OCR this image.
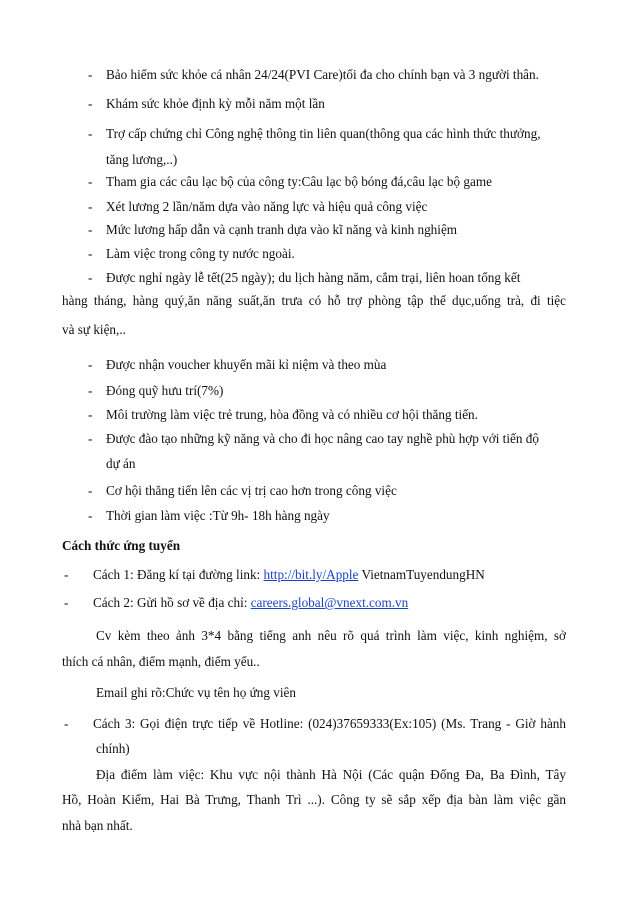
- Bảo hiểm sức khỏe cá nhân 24/24(PVI Care)tối đa cho chính bạn và 3 người thân.
- Khám sức khỏe định kỳ mỗi năm một lần
- Trợ cấp chứng chỉ Công nghệ thông tin liên quan(thông qua các hình thức thưởng,
tăng lương,..)
- Tham gia các câu lạc bộ của công ty:Câu lạc bộ bóng đá,câu lạc bộ game
- Xét lương 2 lần/năm dựa vào năng lực và hiệu quả công việc
- Mức lương hấp dẫn và cạnh tranh dựa vào kĩ năng và kinh nghiệm
- Làm việc trong công ty nước ngoài.
- Được nghỉ ngày lễ tết(25 ngày); du lịch hàng năm, cắm trại, liên hoan tổng kết
hàng tháng, hàng quý,ăn năng suất,ăn trưa có hỗ trợ phòng tập thể dục,uống trà, đi tiệc
và sự kiện,..
- Được nhận voucher khuyến mãi kỉ niệm và theo mùa
- Đóng quỹ hưu trí(7%)
- Môi trường làm việc trẻ trung, hòa đồng và có nhiều cơ hội thăng tiến.
- Được đào tạo những kỹ năng và cho đi học nâng cao tay nghề phù hợp với tiến độ
dự án
- Cơ hội thăng tiến lên các vị trị cao hơn trong công việc
- Thời gian làm việc :Từ 9h- 18h hàng ngày
Cách thức ứng tuyển
- Cách 1: Đăng kí tại đường link: http://bit.ly/Apple VietnamTuyendungHN
- Cách 2: Gửi hồ sơ về địa chỉ: careers.global@vnext.com.vn
Cv kèm theo ảnh 3*4 bằng tiếng anh nêu rõ quá trình làm việc, kinh nghiệm, sở
thích cá nhân, điểm mạnh, điểm yếu..
Email ghi rõ:Chức vụ tên họ ứng viên
- Cách 3: Gọi điện trực tiếp về Hotline: (024)37659333(Ex:105) (Ms. Trang - Giờ hành
chính)
Địa điểm làm việc: Khu vực nội thành Hà Nội (Các quận Đống Đa, Ba Đình, Tây
Hồ, Hoàn Kiếm, Hai Bà Trưng, Thanh Trì ...). Công ty sẽ sắp xếp địa bàn làm việc gần
nhà bạn nhất.
